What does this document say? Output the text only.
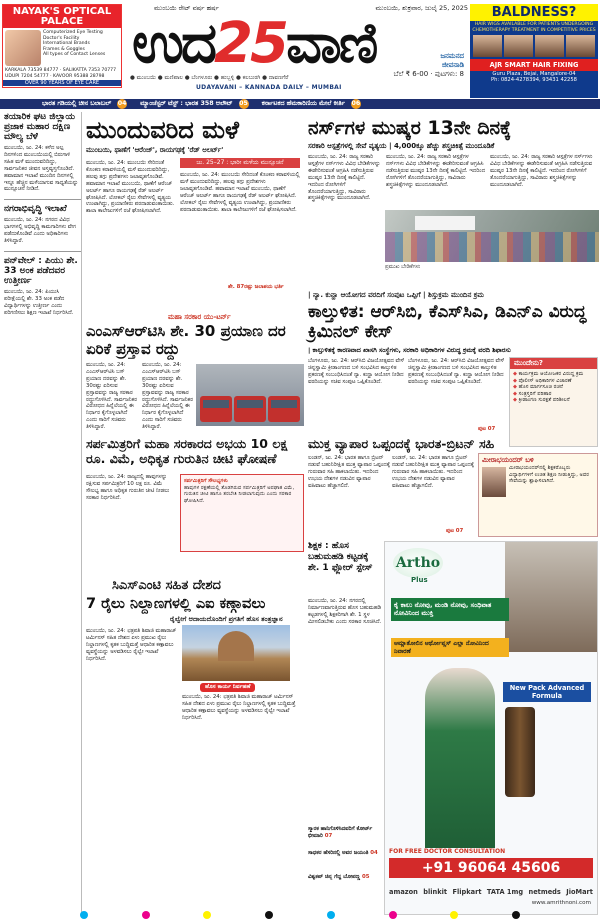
NAYAK'S OPTICAL PALACE
Computerized Eye Testing
Doctor's Facility
International Brands
Frames & Goggles
All types of Contact Lenses
KARKALA 73539 84777 · SALIKATTA 7353 70777
UDUPI 7204 54777 · KAVOOR 95388 28798
OVER 90 YEARS OF EYE CARE
ಮುಂಬಯಿ ರೇಟ್ ವರ್ಷ ಹರ್ಷ	ಮುಂಬಯಿ, ಶುಕ್ರವಾರ, ಜುಲೈ 25, 2025
ಉದ25ವಾಣಿ	ಜನಮನದ
ಜೀವನಾಡಿ
ಬೆಲೆ ₹ 6-00 · ಪುಟಗಳು: 8
● ಮುಂಬಯಿ ● ಮಣಿಪಾಲ ● ಬೆಂಗಳೂರು ● ಹುಬ್ಬಳ್ಳಿ ● ಕಲಬುರಗಿ ● ದಾವಣಗೆರೆ
UDAYAVANI – KANNADA DAILY – MUMBAI
BALDNESS?
HAIR WIGS AVAILABLE FOR PATIENTS UNDERGOING CHEMOTHERAPY TREATMENT IN COMPETITIVE PRICES
AJR SMART HAIR FIXING
Guru Plaza, Bejai, Mangalore-04
Ph: 0824-4278394, 93431 42258
ಭಾರತ ಗಡಿಯಲ್ಲಿ ಚೀನ ಬಲಾಬಲ್ 04 ಮ್ಯಾಂಚೆಸ್ಟರ್ ಟೆಸ್ಟ್ : ಭಾರತ 358 ಆಲೌಟ್ 05 ಕರ್ನಾಟಕದ ಹೆಮಕಾರಿಣಿಯ ಮೇಲೆ ಕೀರ್ತಿ 06
ತಯಾರಿಕ ಘಟ ಜಿಲ್ಲಾಯ ಪ್ರಜಾಕ ಮಹಾರ ದಕ್ಷಿಣ ಮೌಲ್ಯ ಬೆಳೆ
ಮುಂಬಯಿ, ಜು. 24: ಕಳೆದ ಅಲ್ಪ ದಿನಗಳಿಂದ ಮುಂಬಯಿಯಲ್ಲಿ ಬಿರುಗಾಳಿ ಸಹಿತ ಮಳೆ ಮುಂದುವರಿದಿದ್ದು, ಸಾರ್ವಜನಿಕರ ಜೀವನ ಅಸ್ತವ್ಯಸ್ತಗೊಂಡಿದೆ. ಹವಾಮಾನ ಇಲಾಖೆ ಮುಂದಿನ ದಿನಗಳಲ್ಲಿ ಇನ್ನೂ ಹೆಚ್ಚಿನ ಮಳೆಯಾಗುವ ಸಾಧ್ಯತೆಯನ್ನು ಮುನ್ಸೂಚನೆ ನೀಡಿದೆ.
ನಗರಾಭಿವೃದ್ಧಿ ಇಲಾಖೆ
ಮುಂಬಯಿ, ಜು. 24: ನಗರದ ವಿವಿಧ ಭಾಗಗಳಲ್ಲಿ ಅಭಿವೃದ್ಧಿ ಕಾಮಗಾರಿಗಳು ವೇಗ ಪಡೆದುಕೊಂಡಿವೆ ಎಂದು ಅಧಿಕಾರಿಗಳು ತಿಳಿಸಿದ್ದಾರೆ.
ಪನ್‌ವೇಲ್ : ಪಿಯು ಶೇ. 33 ಅಂಕ ಪಡೆದವರ ಉತ್ತೀರ್ಣ
ಮುಂಬಯಿ, ಜು. 24: ಪಿಯುಸಿ ಪರೀಕ್ಷೆಯಲ್ಲಿ ಶೇ. 33 ಅಂಕ ಪಡೆದ ವಿದ್ಯಾರ್ಥಿಗಳನ್ನು ಉತ್ತೀರ್ಣ ಎಂದು ಪರಿಗಣಿಸಲು ಶಿಕ್ಷಣ ಇಲಾಖೆ ನಿರ್ಧರಿಸಿದೆ.
ಮುಂದುವರಿದ ಮಳೆ
ಮುಂಬಯಿ, ಥಾಣೆಗೆ 'ಆರೆಂಜ್', ರಾಯಗಢಕ್ಕೆ 'ರೆಡ್ ಅಲರ್ಟ್'
ಜು. 25–27 : ಭಾರೀ ಮಳೆಯ ಮುನ್ಸೂಚನೆ
ಮುಂಬಯಿ, ಜು. 24: ಮುಂಬಯಿ ಸೇರಿದಂತೆ ಕೊಂಕಣ ಕರಾವಳಿಯಲ್ಲಿ ಮಳೆ ಮುಂದುವರಿದಿದ್ದು, ಹಲವು ತಗ್ಗು ಪ್ರದೇಶಗಳು ಜಲಾವೃತಗೊಂಡಿವೆ. ಹವಾಮಾನ ಇಲಾಖೆ ಮುಂಬಯಿ, ಥಾಣೆಗೆ ಆರೆಂಜ್ ಅಲರ್ಟ್ ಹಾಗೂ ರಾಯಗಢಕ್ಕೆ ರೆಡ್ ಅಲರ್ಟ್ ಘೋಷಿಸಿದೆ. ಲೋಕಲ್ ರೈಲು ಸೇವೆಗಳಲ್ಲಿ ವ್ಯತ್ಯಯ ಉಂಟಾಗಿದ್ದು, ಪ್ರಯಾಣಿಕರು ಪರದಾಡುವಂತಾಯಿತು. ಶಾಲಾ ಕಾಲೇಜುಗಳಿಗೆ ರಜೆ ಘೋಷಿಸಲಾಗಿದೆ.
ಮುಂಬಯಿ, ಜು. 24: ಮುಂಬಯಿ ಸೇರಿದಂತೆ ಕೊಂಕಣ ಕರಾವಳಿಯಲ್ಲಿ ಮಳೆ ಮುಂದುವರಿದಿದ್ದು, ಹಲವು ತಗ್ಗು ಪ್ರದೇಶಗಳು ಜಲಾವೃತಗೊಂಡಿವೆ. ಹವಾಮಾನ ಇಲಾಖೆ ಮುಂಬಯಿ, ಥಾಣೆಗೆ ಆರೆಂಜ್ ಅಲರ್ಟ್ ಹಾಗೂ ರಾಯಗಢಕ್ಕೆ ರೆಡ್ ಅಲರ್ಟ್ ಘೋಷಿಸಿದೆ. ಲೋಕಲ್ ರೈಲು ಸೇವೆಗಳಲ್ಲಿ ವ್ಯತ್ಯಯ ಉಂಟಾಗಿದ್ದು, ಪ್ರಯಾಣಿಕರು ಪರದಾಡುವಂತಾಯಿತು. ಶಾಲಾ ಕಾಲೇಜುಗಳಿಗೆ ರಜೆ ಘೋಷಿಸಲಾಗಿದೆ.
ಶೇ. 87ರಷ್ಟು ಜಲಾಶಯ ಭರ್ತಿ
ನರ್ಸ್‌ಗಳ ಮುಷ್ಕರ 13ನೇ ದಿನಕ್ಕೆ
ಸರಕಾರಿ ಆಸ್ಪತ್ರೆಗಳಲ್ಲಿ ಸೇವೆ ವ್ಯತ್ಯಯ | 4,000ಕ್ಕೂ ಹೆಚ್ಚು ಶಸ್ತ್ರಚಿಕಿತ್ಸೆ ಮುಂದೂಡಿಕೆ
ಮುಂಬಯಿ, ಜು. 24: ರಾಜ್ಯ ಸರಕಾರಿ ಆಸ್ಪತ್ರೆಗಳ ನರ್ಸ್‌ಗಳು ವಿವಿಧ ಬೇಡಿಕೆಗಳನ್ನು ಈಡೇರಿಸುವಂತೆ ಆಗ್ರಹಿಸಿ ನಡೆಸುತ್ತಿರುವ ಮುಷ್ಕರ 13ನೇ ದಿನಕ್ಕೆ ಕಾಲಿಟ್ಟಿದೆ. ಇದರಿಂದ ರೋಗಿಗಳಿಗೆ ತೊಂದರೆಯಾಗುತ್ತಿದ್ದು, ಸಾವಿರಾರು ಶಸ್ತ್ರಚಿಕಿತ್ಸೆಗಳನ್ನು ಮುಂದೂಡಲಾಗಿದೆ.
ಮುಂಬಯಿ, ಜು. 24: ರಾಜ್ಯ ಸರಕಾರಿ ಆಸ್ಪತ್ರೆಗಳ ನರ್ಸ್‌ಗಳು ವಿವಿಧ ಬೇಡಿಕೆಗಳನ್ನು ಈಡೇರಿಸುವಂತೆ ಆಗ್ರಹಿಸಿ ನಡೆಸುತ್ತಿರುವ ಮುಷ್ಕರ 13ನೇ ದಿನಕ್ಕೆ ಕಾಲಿಟ್ಟಿದೆ. ಇದರಿಂದ ರೋಗಿಗಳಿಗೆ ತೊಂದರೆಯಾಗುತ್ತಿದ್ದು, ಸಾವಿರಾರು ಶಸ್ತ್ರಚಿಕಿತ್ಸೆಗಳನ್ನು ಮುಂದೂಡಲಾಗಿದೆ.
ಮುಂಬಯಿ, ಜು. 24: ರಾಜ್ಯ ಸರಕಾರಿ ಆಸ್ಪತ್ರೆಗಳ ನರ್ಸ್‌ಗಳು ವಿವಿಧ ಬೇಡಿಕೆಗಳನ್ನು ಈಡೇರಿಸುವಂತೆ ಆಗ್ರಹಿಸಿ ನಡೆಸುತ್ತಿರುವ ಮುಷ್ಕರ 13ನೇ ದಿನಕ್ಕೆ ಕಾಲಿಟ್ಟಿದೆ. ಇದರಿಂದ ರೋಗಿಗಳಿಗೆ ತೊಂದರೆಯಾಗುತ್ತಿದ್ದು, ಸಾವಿರಾರು ಶಸ್ತ್ರಚಿಕಿತ್ಸೆಗಳನ್ನು ಮುಂದೂಡಲಾಗಿದೆ.
ಪ್ರಮುಖ ಬೇಡಿಕೆಗಳು
| ನ್ಯಾ. ಕುನ್ಹಾ ಆಯೋಗದ ವರದಿಗೆ ಸಂಪುಟ ಒಪ್ಪಿಗೆ | ಶಿಸ್ತುಕ್ರಮ ಮುಂದಿನ ಕ್ರಮ
ಕಾಲ್ತುಳಿತ: ಆರ್‌ಸಿಬಿ, ಕೆಎಸ್‌ಸಿಎ, ಡಿಎನ್‌ಎ ವಿರುದ್ಧ ಕ್ರಿಮಿನಲ್ ಕೇಸ್
| ಕಾಲ್ತುಳಿತಕ್ಕೆ ಕಾರಣವಾದ ಖಾಸಗಿ ಸಂಸ್ಥೆಗಳು, ಸರಕಾರಿ ಅಧಿಕಾರಿಗಳ ವಿರುದ್ಧ ಕ್ರಮಕ್ಕೆ ವರದಿ ಶಿಫಾರಸು
ಬೆಂಗಳೂರು, ಜು. 24: ಆರ್‌ಸಿಬಿ ವಿಜಯೋತ್ಸವದ ವೇಳೆ ಚಿನ್ನಸ್ವಾಮಿ ಕ್ರೀಡಾಂಗಣದ ಬಳಿ ಸಂಭವಿಸಿದ ಕಾಲ್ತುಳಿತ ಪ್ರಕರಣಕ್ಕೆ ಸಂಬಂಧಿಸಿದಂತೆ ನ್ಯಾ. ಕುನ್ಹಾ ಆಯೋಗ ನೀಡಿದ ವರದಿಯನ್ನು ಸಚಿವ ಸಂಪುಟ ಒಪ್ಪಿಕೊಂಡಿದೆ.
ಬೆಂಗಳೂರು, ಜು. 24: ಆರ್‌ಸಿಬಿ ವಿಜಯೋತ್ಸವದ ವೇಳೆ ಚಿನ್ನಸ್ವಾಮಿ ಕ್ರೀಡಾಂಗಣದ ಬಳಿ ಸಂಭವಿಸಿದ ಕಾಲ್ತುಳಿತ ಪ್ರಕರಣಕ್ಕೆ ಸಂಬಂಧಿಸಿದಂತೆ ನ್ಯಾ. ಕುನ್ಹಾ ಆಯೋಗ ನೀಡಿದ ವರದಿಯನ್ನು ಸಚಿವ ಸಂಪುಟ ಒಪ್ಪಿಕೊಂಡಿದೆ.
ಪುಟ 07
ಮುಂದೇನು?
◆ ಕಾರ್ಯಕ್ರಮ ಆಯೋಜಕರ ವಿರುದ್ಧ ಕ್ರಮ
◆ ಪೊಲೀಸ್ ಅಧಿಕಾರಿಗಳ ವಿಚಾರಣೆ
◆ ಹೊಸ ಮಾರ್ಗಸೂಚಿ ರಚನೆ
◆ ಸಂತ್ರಸ್ತರಿಗೆ ಪರಿಹಾರ
◆ ಕ್ರೀಡಾಂಗಣ ಸುರಕ್ಷತೆ ಪರಿಶೀಲನೆ
ಮಹಾ ಸರಕಾರ ಯು-ಟರ್ನ್
ಎಂಎಸ್‌ಆರ್‌ಟಿಸಿ ಶೇ. 30 ಪ್ರಯಾಣ ದರ ಏರಿಕೆ ಪ್ರಸ್ತಾವ ರದ್ದು
ಮುಂಬಯಿ, ಜು. 24: ಎಂಎಸ್‌ಆರ್‌ಟಿಸಿ ಬಸ್ ಪ್ರಯಾಣ ದರವನ್ನು ಶೇ. 30ರಷ್ಟು ಏರಿಸುವ ಪ್ರಸ್ತಾವವನ್ನು ರಾಜ್ಯ ಸರಕಾರ ರದ್ದುಗೊಳಿಸಿದೆ. ಸಾರ್ವಜನಿಕರ ವಿರೋಧದ ಹಿನ್ನೆಲೆಯಲ್ಲಿ ಈ ನಿರ್ಧಾರ ಕೈಗೊಳ್ಳಲಾಗಿದೆ ಎಂದು ಸಾರಿಗೆ ಸಚಿವರು ತಿಳಿಸಿದ್ದಾರೆ.
ಮುಂಬಯಿ, ಜು. 24: ಎಂಎಸ್‌ಆರ್‌ಟಿಸಿ ಬಸ್ ಪ್ರಯಾಣ ದರವನ್ನು ಶೇ. 30ರಷ್ಟು ಏರಿಸುವ ಪ್ರಸ್ತಾವವನ್ನು ರಾಜ್ಯ ಸರಕಾರ ರದ್ದುಗೊಳಿಸಿದೆ. ಸಾರ್ವಜನಿಕರ ವಿರೋಧದ ಹಿನ್ನೆಲೆಯಲ್ಲಿ ಈ ನಿರ್ಧಾರ ಕೈಗೊಳ್ಳಲಾಗಿದೆ ಎಂದು ಸಾರಿಗೆ ಸಚಿವರು ತಿಳಿಸಿದ್ದಾರೆ.
ಸರ್ಪಮಿತ್ರರಿಗೆ ಮಹಾ ಸರಕಾರದ ಅಭಯ 10 ಲಕ್ಷ ರೂ. ವಿಮೆ, ಅಧಿಕೃತ ಗುರುತಿನ ಚೀಟಿ ಘೋಷಣೆ
ಮುಂಬಯಿ, ಜು. 24: ರಾಜ್ಯದಲ್ಲಿ ಹಾವುಗಳನ್ನು ರಕ್ಷಿಸುವ ಸರ್ಪಮಿತ್ರರಿಗೆ 10 ಲಕ್ಷ ರೂ. ವಿಮೆ ಸೌಲಭ್ಯ ಹಾಗೂ ಅಧಿಕೃತ ಗುರುತಿನ ಚೀಟಿ ನೀಡಲು ಸರಕಾರ ನಿರ್ಧರಿಸಿದೆ.
ಸರ್ಪಮಿತ್ರರಿಗೆ ಸೌಲಭ್ಯಗಳು
ಹಾವುಗಳ ರಕ್ಷಣೆಯಲ್ಲಿ ತೊಡಗಿರುವ ಸರ್ಪಮಿತ್ರರಿಗೆ ಅಪಘಾತ ವಿಮೆ, ಗುರುತಿನ ಚೀಟಿ ಹಾಗೂ ತರಬೇತಿ ನೀಡಲಾಗುವುದು ಎಂದು ಸರಕಾರ ಘೋಷಿಸಿದೆ.
ಮುಕ್ತ ವ್ಯಾಪಾರ ಒಪ್ಪಂದಕ್ಕೆ ಭಾರತ-ಬ್ರಿಟನ್ ಸಹಿ
ಲಂಡನ್, ಜು. 24: ಭಾರತ ಹಾಗೂ ಬ್ರಿಟನ್ ನಡುವೆ ಬಹುನಿರೀಕ್ಷಿತ ಮುಕ್ತ ವ್ಯಾಪಾರ ಒಪ್ಪಂದಕ್ಕೆ ಗುರುವಾರ ಸಹಿ ಹಾಕಲಾಯಿತು. ಇದರಿಂದ ಉಭಯ ದೇಶಗಳ ನಡುವಿನ ವ್ಯಾಪಾರ ವಹಿವಾಟು ಹೆಚ್ಚಾಗಲಿದೆ.
ಲಂಡನ್, ಜು. 24: ಭಾರತ ಹಾಗೂ ಬ್ರಿಟನ್ ನಡುವೆ ಬಹುನಿರೀಕ್ಷಿತ ಮುಕ್ತ ವ್ಯಾಪಾರ ಒಪ್ಪಂದಕ್ಕೆ ಗುರುವಾರ ಸಹಿ ಹಾಕಲಾಯಿತು. ಇದರಿಂದ ಉಭಯ ದೇಶಗಳ ನಡುವಿನ ವ್ಯಾಪಾರ ವಹಿವಾಟು ಹೆಚ್ಚಾಗಲಿದೆ.
ಪುಟ 07
ಮೀರಾಭಯಂದರ್ ಬಳಿ
ಮೀರಾಭಯಂದರ್‌ನಲ್ಲಿ ಶಿಕ್ಷಕರೊಬ್ಬರು ವಿದ್ಯಾರ್ಥಿಗಳಿಗೆ ಉಚಿತ ಶಿಕ್ಷಣ ನೀಡುತ್ತಿದ್ದು, ಅವರ ಸೇವೆಯನ್ನು ಶ್ಲಾಘಿಸಲಾಗಿದೆ.
ಶಿಕ್ಷಕ : ಹೊಸ ಬಹುಮಹಡಿ ಕಟ್ಟಡಕ್ಕೆ ಶೇ. 1 ಫ್ಲೋರ್ ಸ್ಪೇಸ್
ಮುಂಬಯಿ, ಜು. 24: ನಗರದಲ್ಲಿ ನಿರ್ಮಾಣವಾಗುತ್ತಿರುವ ಹೊಸ ಬಹುಮಹಡಿ ಕಟ್ಟಡಗಳಲ್ಲಿ ಶಿಕ್ಷಕರಿಗಾಗಿ ಶೇ. 1 ಸ್ಥಳ ಮೀಸಲಿಡಬೇಕು ಎಂದು ಸರಕಾರ ಸೂಚಿಸಿದೆ.
ಸ್ಮಾರಕ ಹಾನಿಗೊಳಿಸಿದವರಿಗೆ ಕೋರ್ಟ್ ಛೀಮಾರಿ 07
ಸಾಧಕರ ಹೆಸರಿನಲ್ಲಿ ಅವರ ಜಯಂತಿ 04
ವಿಶ್ವಕಪ್ ಚಿನ್ನ ಗೆದ್ದ ಬೋಪಣ್ಣ 05
ಸಿಎಸ್‌ಎಂಟಿ ಸಹಿತ ದೇಶದ
7 ರೈಲು ನಿಲ್ದಾಣಗಳಲ್ಲಿ ಎಐ ಕಣ್ಗಾವಲು
ರೈಲ್ವೇಗೆ ಆದಾಯದೊಂದಿಗೆ ಪ್ರಗತಿಗೆ ಹೊಸ ತಂತ್ರಜ್ಞಾನ
ಮುಂಬಯಿ, ಜು. 24: ಛತ್ರಪತಿ ಶಿವಾಜಿ ಮಹಾರಾಜ್ ಟರ್ಮಿನಸ್ ಸಹಿತ ದೇಶದ ಏಳು ಪ್ರಮುಖ ರೈಲು ನಿಲ್ದಾಣಗಳಲ್ಲಿ ಕೃತಕ ಬುದ್ಧಿಮತ್ತೆ ಆಧಾರಿತ ಕಣ್ಗಾವಲು ವ್ಯವಸ್ಥೆಯನ್ನು ಅಳವಡಿಸಲು ರೈಲ್ವೇ ಇಲಾಖೆ ನಿರ್ಧರಿಸಿದೆ.
ಹೊಸ ಕಾರ್ಯ ನಿರ್ವಹಣೆ
ಮುಂಬಯಿ, ಜು. 24: ಛತ್ರಪತಿ ಶಿವಾಜಿ ಮಹಾರಾಜ್ ಟರ್ಮಿನಸ್ ಸಹಿತ ದೇಶದ ಏಳು ಪ್ರಮುಖ ರೈಲು ನಿಲ್ದಾಣಗಳಲ್ಲಿ ಕೃತಕ ಬುದ್ಧಿಮತ್ತೆ ಆಧಾರಿತ ಕಣ್ಗಾವಲು ವ್ಯವಸ್ಥೆಯನ್ನು ಅಳವಡಿಸಲು ರೈಲ್ವೇ ಇಲಾಖೆ ನಿರ್ಧರಿಸಿದೆ.
Artho
Plus
ಕೈ ಕಾಲು ನೋವು, ಮಂಡಿ ನೋವು, ಸಂಧಿವಾತ ನೋವಿನಿಂದ ಮುಕ್ತಿ
ಆಮ್ಲಾತೋಲಿನ ಆರ್ಥೋಪ್ಲಸ್ ಎಲ್ಲಾ ನೋವಿನಿಂದ ನಿವಾರಣೆ
New Pack Advanced Formula
FOR FREE DOCTOR CONSULTATION
+91 96064 45606
amazon blinkit Flipkart TATA 1mg netmeds JioMart
www.amrithnoni.com
